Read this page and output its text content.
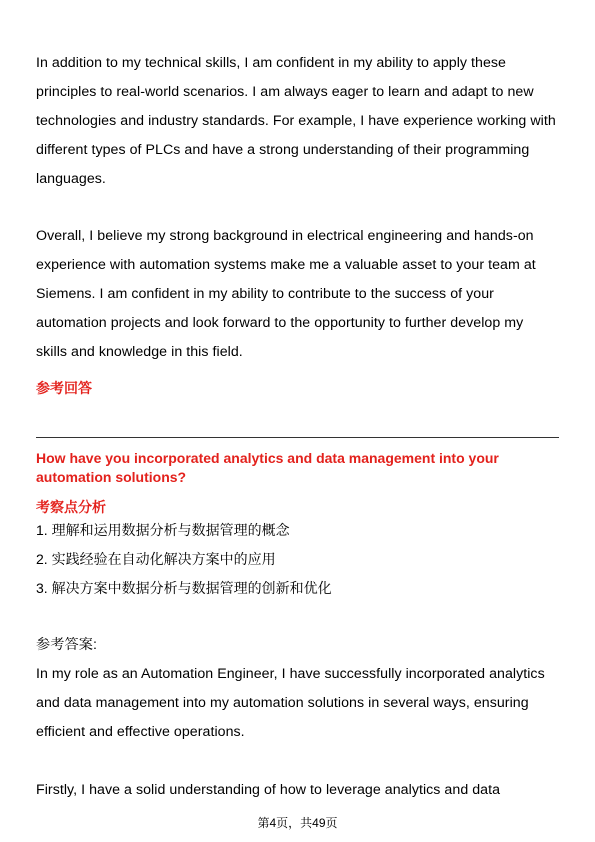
In addition to my technical skills, I am confident in my ability to apply these
principles to real-world scenarios. I am always eager to learn and adapt to new
technologies and industry standards. For example, I have experience working with
different types of PLCs and have a strong understanding of their programming
languages.
Overall, I believe my strong background in electrical engineering and hands-on
experience with automation systems make me a valuable asset to your team at
Siemens. I am confident in my ability to contribute to the success of your
automation projects and look forward to the opportunity to further develop my
skills and knowledge in this field.
参考回答
How have you incorporated analytics and data management into your
automation solutions?
考察点分析
1. 理解和运用数据分析与数据管理的概念
2. 实践经验在自动化解决方案中的应用
3. 解决方案中数据分析与数据管理的创新和优化
参考答案:
In my role as an Automation Engineer, I have successfully incorporated analytics
and data management into my automation solutions in several ways, ensuring
efficient and effective operations.
Firstly, I have a solid understanding of how to leverage analytics and data
第4页，共49页
